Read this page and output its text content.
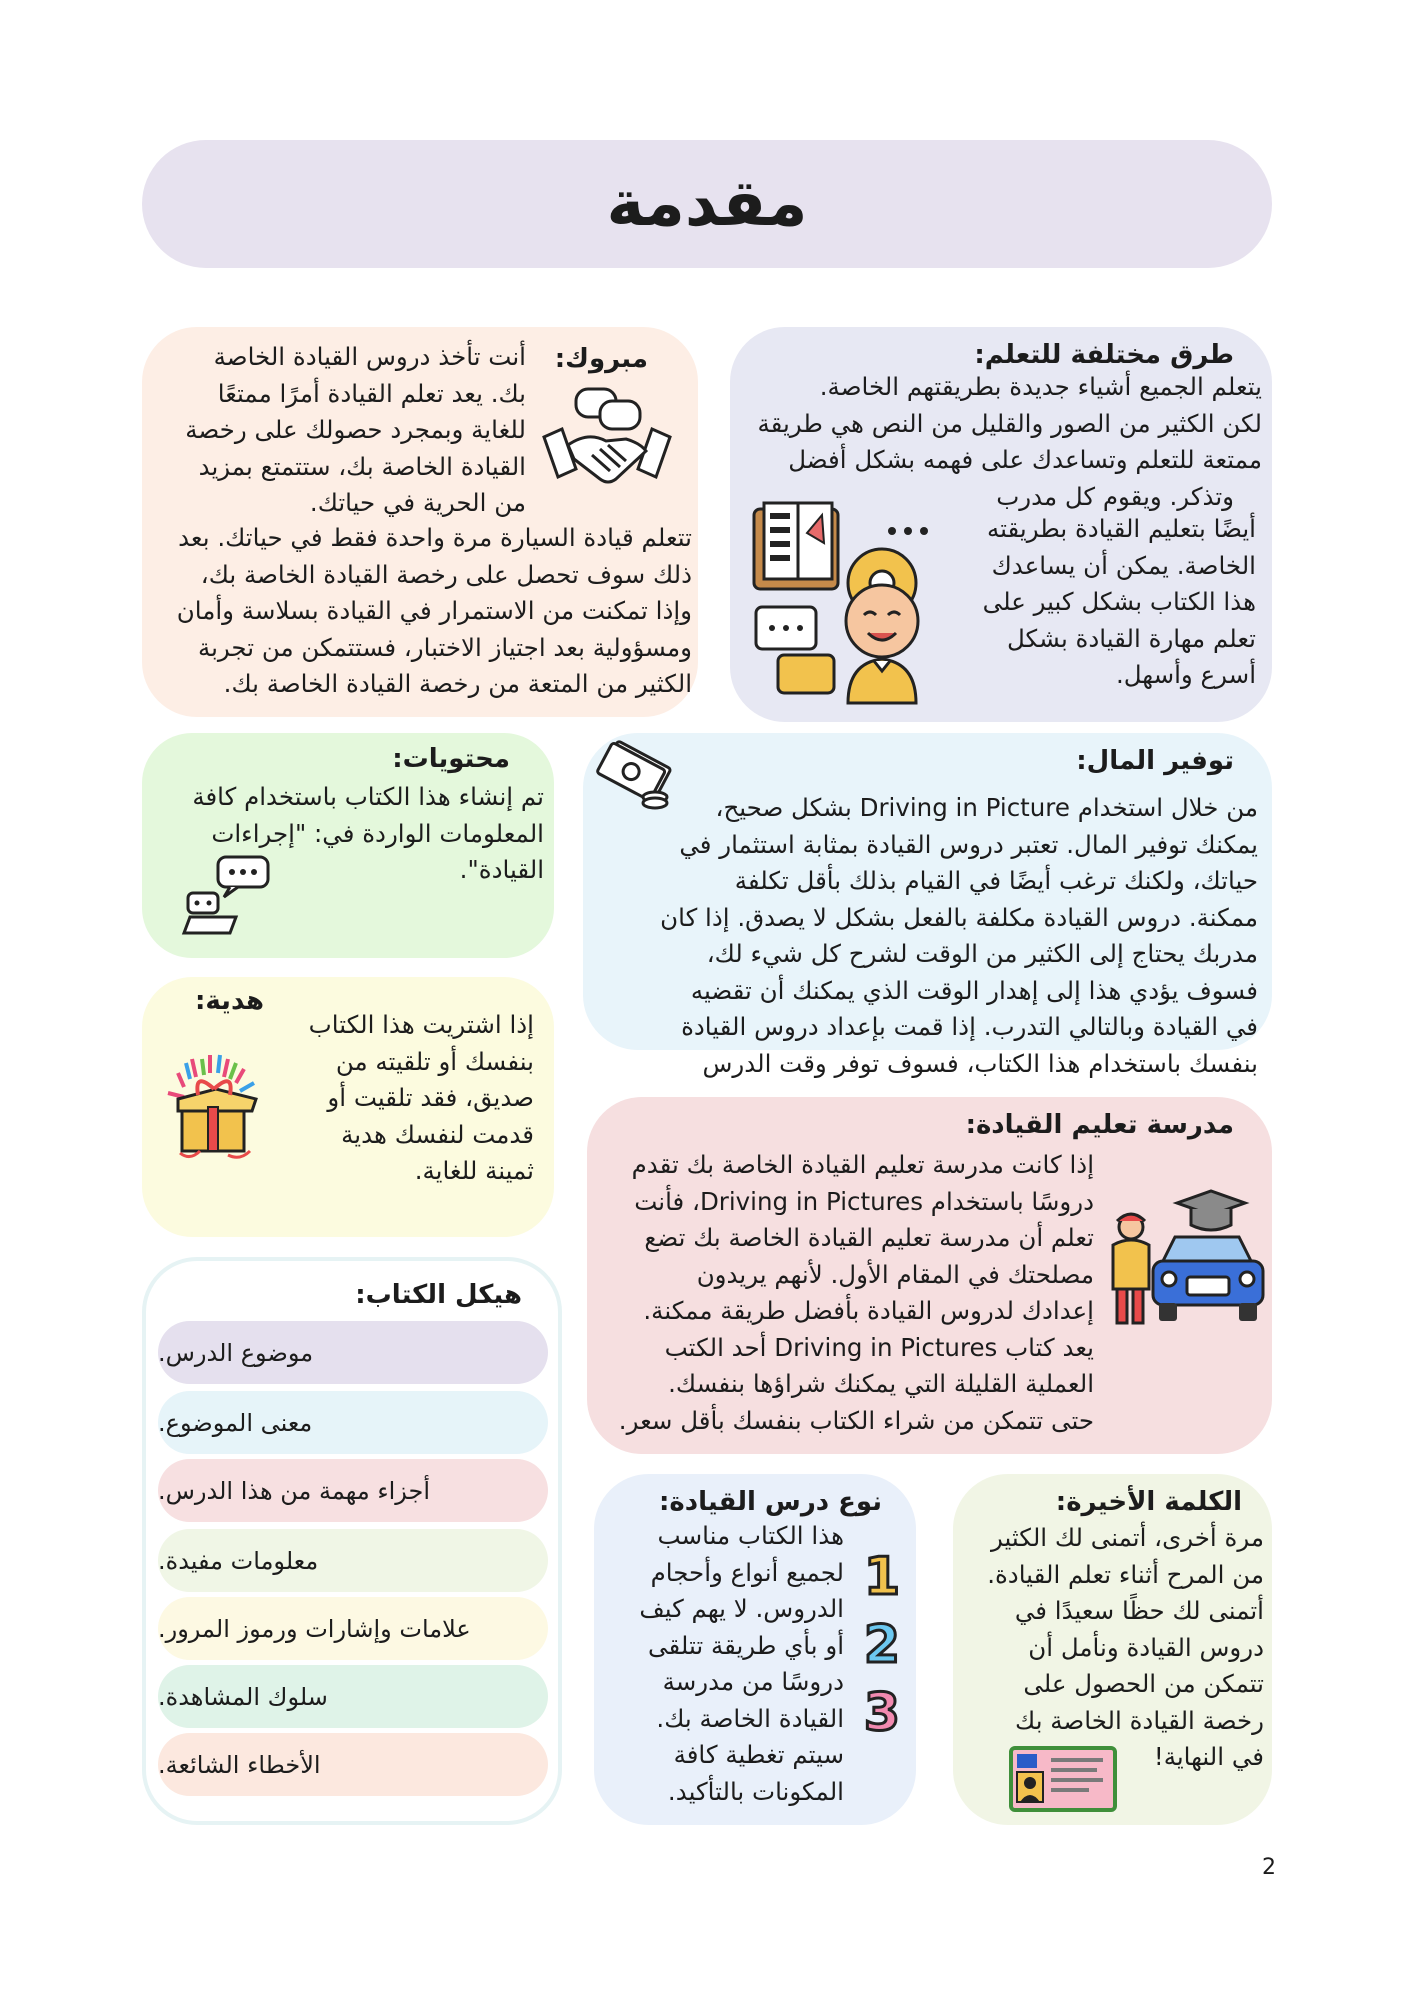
مقدمة
طرق مختلفة للتعلم:
يتعلم الجميع أشياء جديدة بطريقتهم الخاصة.
لكن الكثير من الصور والقليل من النص هي طريقة
ممتعة للتعلم وتساعدك على فهمه بشكل أفضل
وتذكر. ويقوم كل مدرب
أيضًا بتعليم القيادة بطريقته
الخاصة. يمكن أن يساعدك
هذا الكتاب بشكل كبير على
تعلم مهارة القيادة بشكل
أسرع وأسهل.
مبروك:
أنت تأخذ دروس القيادة الخاصة
بك. يعد تعلم القيادة أمرًا ممتعًا
للغاية وبمجرد حصولك على رخصة
القيادة الخاصة بك، ستتمتع بمزيد
من الحرية في حياتك.
تتعلم قيادة السيارة مرة واحدة فقط في حياتك. بعد
ذلك سوف تحصل على رخصة القيادة الخاصة بك،
وإذا تمكنت من الاستمرار في القيادة بسلاسة وأمان
ومسؤولية بعد اجتياز الاختبار، فستتمكن من تجربة
الكثير من المتعة من رخصة القيادة الخاصة بك.
توفير المال:
من خلال استخدام Driving in Picture بشكل صحيح،
يمكنك توفير المال. تعتبر دروس القيادة بمثابة استثمار في
حياتك، ولكنك ترغب أيضًا في القيام بذلك بأقل تكلفة
ممكنة. دروس القيادة مكلفة بالفعل بشكل لا يصدق. إذا كان
مدربك يحتاج إلى الكثير من الوقت لشرح كل شيء لك،
فسوف يؤدي هذا إلى إهدار الوقت الذي يمكنك أن تقضيه
في القيادة وبالتالي التدرب. إذا قمت بإعداد دروس القيادة
بنفسك باستخدام هذا الكتاب، فسوف توفر وقت الدرس
محتويات:
تم إنشاء هذا الكتاب باستخدام كافة
المعلومات الواردة في: "إجراءات
القيادة".
هدية:
إذا اشتريت هذا الكتاب
بنفسك أو تلقيته من
صديق، فقد تلقيت أو
قدمت لنفسك هدية
ثمينة للغاية.
مدرسة تعليم القيادة:
إذا كانت مدرسة تعليم القيادة الخاصة بك تقدم
دروسًا باستخدام Driving in Pictures، فأنت
تعلم أن مدرسة تعليم القيادة الخاصة بك تضع
مصلحتك في المقام الأول. لأنهم يريدون
إعدادك لدروس القيادة بأفضل طريقة ممكنة.
يعد كتاب Driving in Pictures أحد الكتب
العملية القليلة التي يمكنك شراؤها بنفسك.
حتى تتمكن من شراء الكتاب بنفسك بأقل سعر.
هيكل الكتاب:
موضوع الدرس.
معنى الموضوع.
أجزاء مهمة من هذا الدرس.
معلومات مفيدة.
علامات وإشارات ورموز المرور.
سلوك المشاهدة.
الأخطاء الشائعة.
نوع درس القيادة:
هذا الكتاب مناسب
لجميع أنواع وأحجام
الدروس. لا يهم كيف
أو بأي طريقة تتلقى
دروسًا من مدرسة
القيادة الخاصة بك.
سيتم تغطية كافة
المكونات بالتأكيد.
1
2
3
الكلمة الأخيرة:
مرة أخرى، أتمنى لك الكثير
من المرح أثناء تعلم القيادة.
أتمنى لك حظًا سعيدًا في
دروس القيادة ونأمل أن
تتمكن من الحصول على
رخصة القيادة الخاصة بك
في النهاية!
2
